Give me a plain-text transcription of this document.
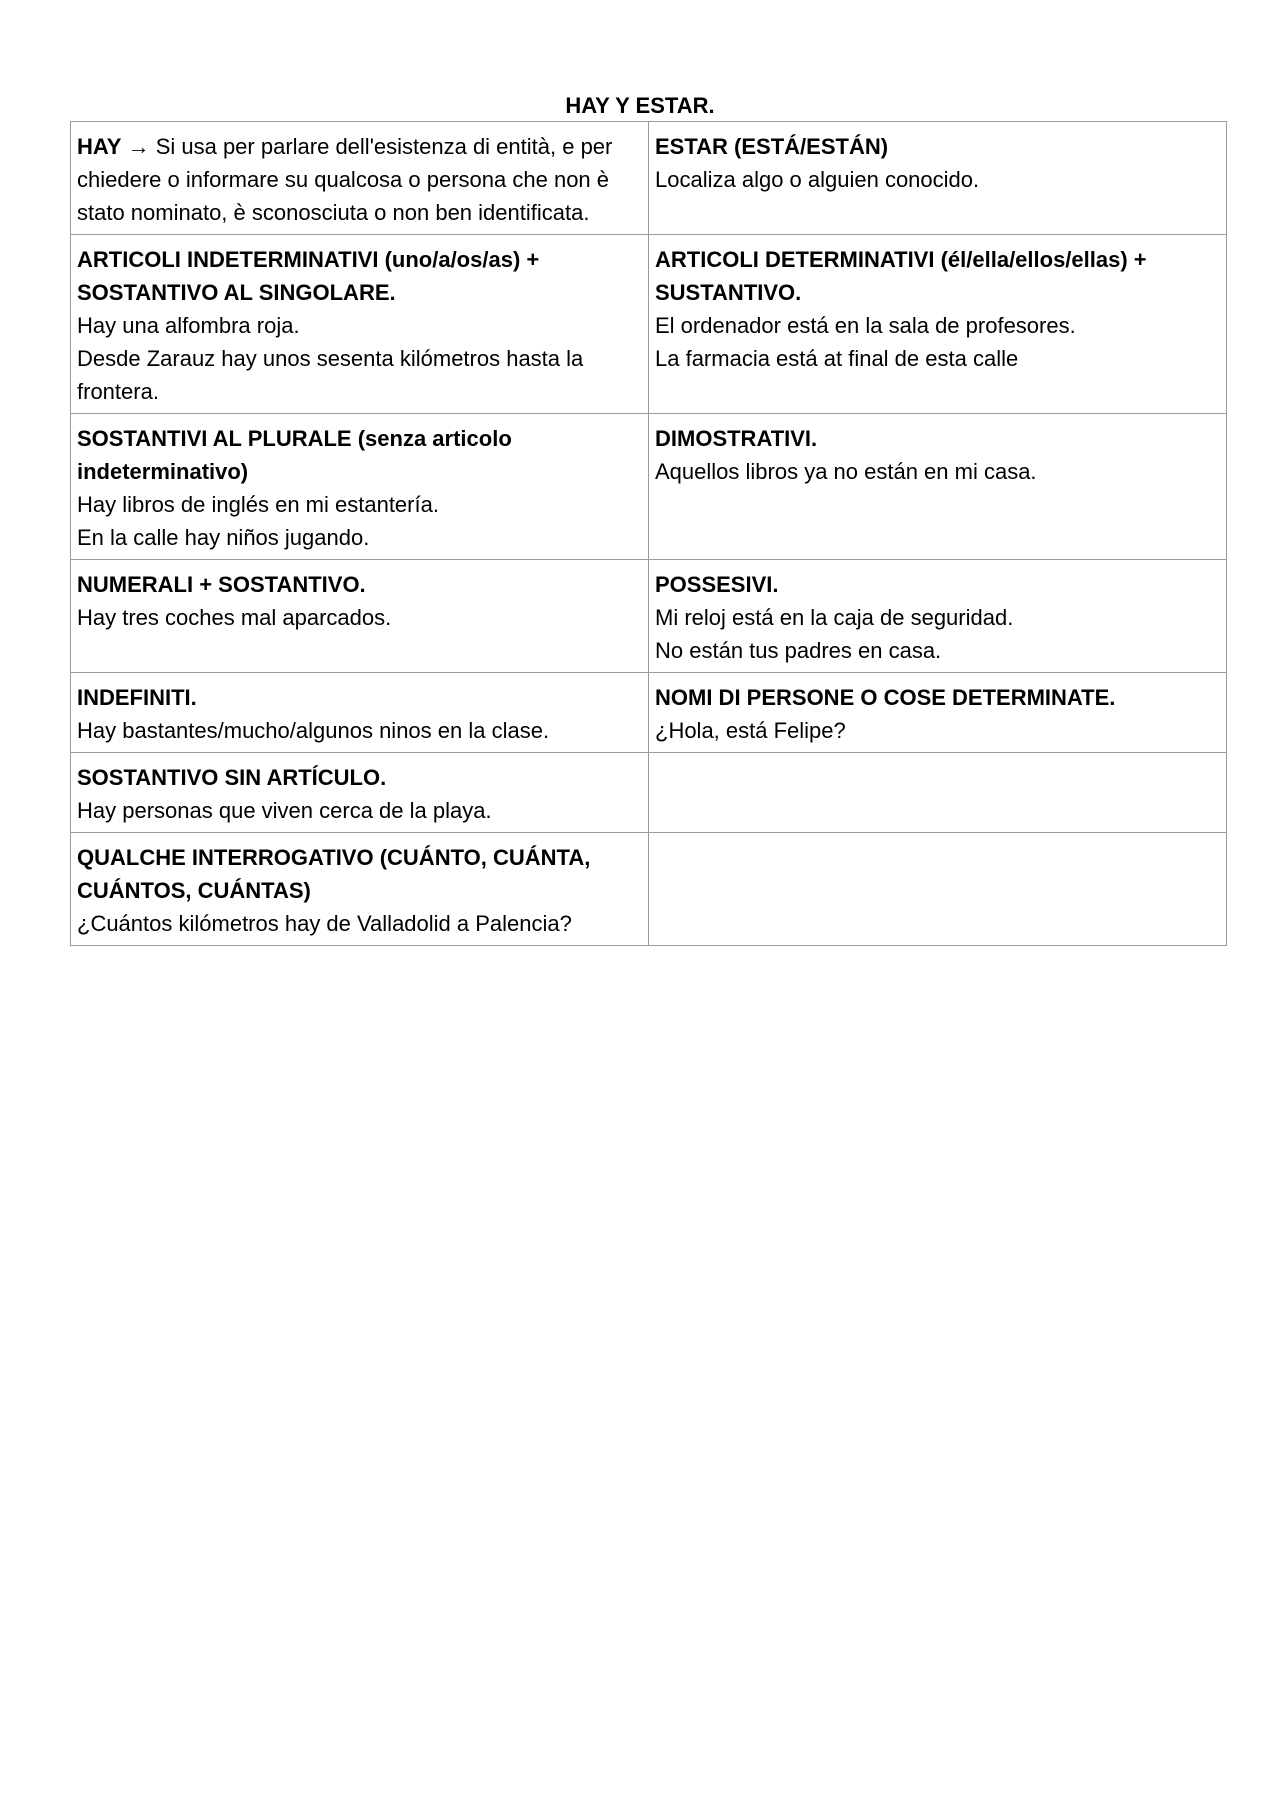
HAY Y ESTAR.
HAY → Si usa per parlare dell'esistenza di entità, e per chiedere o informare su qualcosa o persona che non è stato nominato, è sconosciuta o non ben identificata.	ESTAR (ESTÁ/ESTÁN)
Localiza algo o alguien conocido.

ARTICOLI INDETERMINATIVI (uno/a/os/as) + SOSTANTIVO AL SINGOLARE.
Hay una alfombra roja.
Desde Zarauz hay unos sesenta kilómetros hasta la frontera.	ARTICOLI DETERMINATIVI (él/ella/ellos/ellas) + SUSTANTIVO.
El ordenador está en la sala de profesores.
La farmacia está at final de esta calle

SOSTANTIVI AL PLURALE (senza articolo indeterminativo)
Hay libros de inglés en mi estantería.
En la calle hay niños jugando.	DIMOSTRATIVI.
Aquellos libros ya no están en mi casa.

NUMERALI + SOSTANTIVO.
Hay tres coches mal aparcados.	POSSESIVI.
Mi reloj está en la caja de seguridad.
No están tus padres en casa.

INDEFINITI.
Hay bastantes/mucho/algunos ninos en la clase.	NOMI DI PERSONE O COSE DETERMINATE.
¿Hola, está Felipe?

SOSTANTIVO SIN ARTÍCULO.
Hay personas que viven cerca de la playa.	

QUALCHE INTERROGATIVO (CUÁNTO, CUÁNTA, CUÁNTOS, CUÁNTAS)
¿Cuántos kilómetros hay de Valladolid a Palencia?	
